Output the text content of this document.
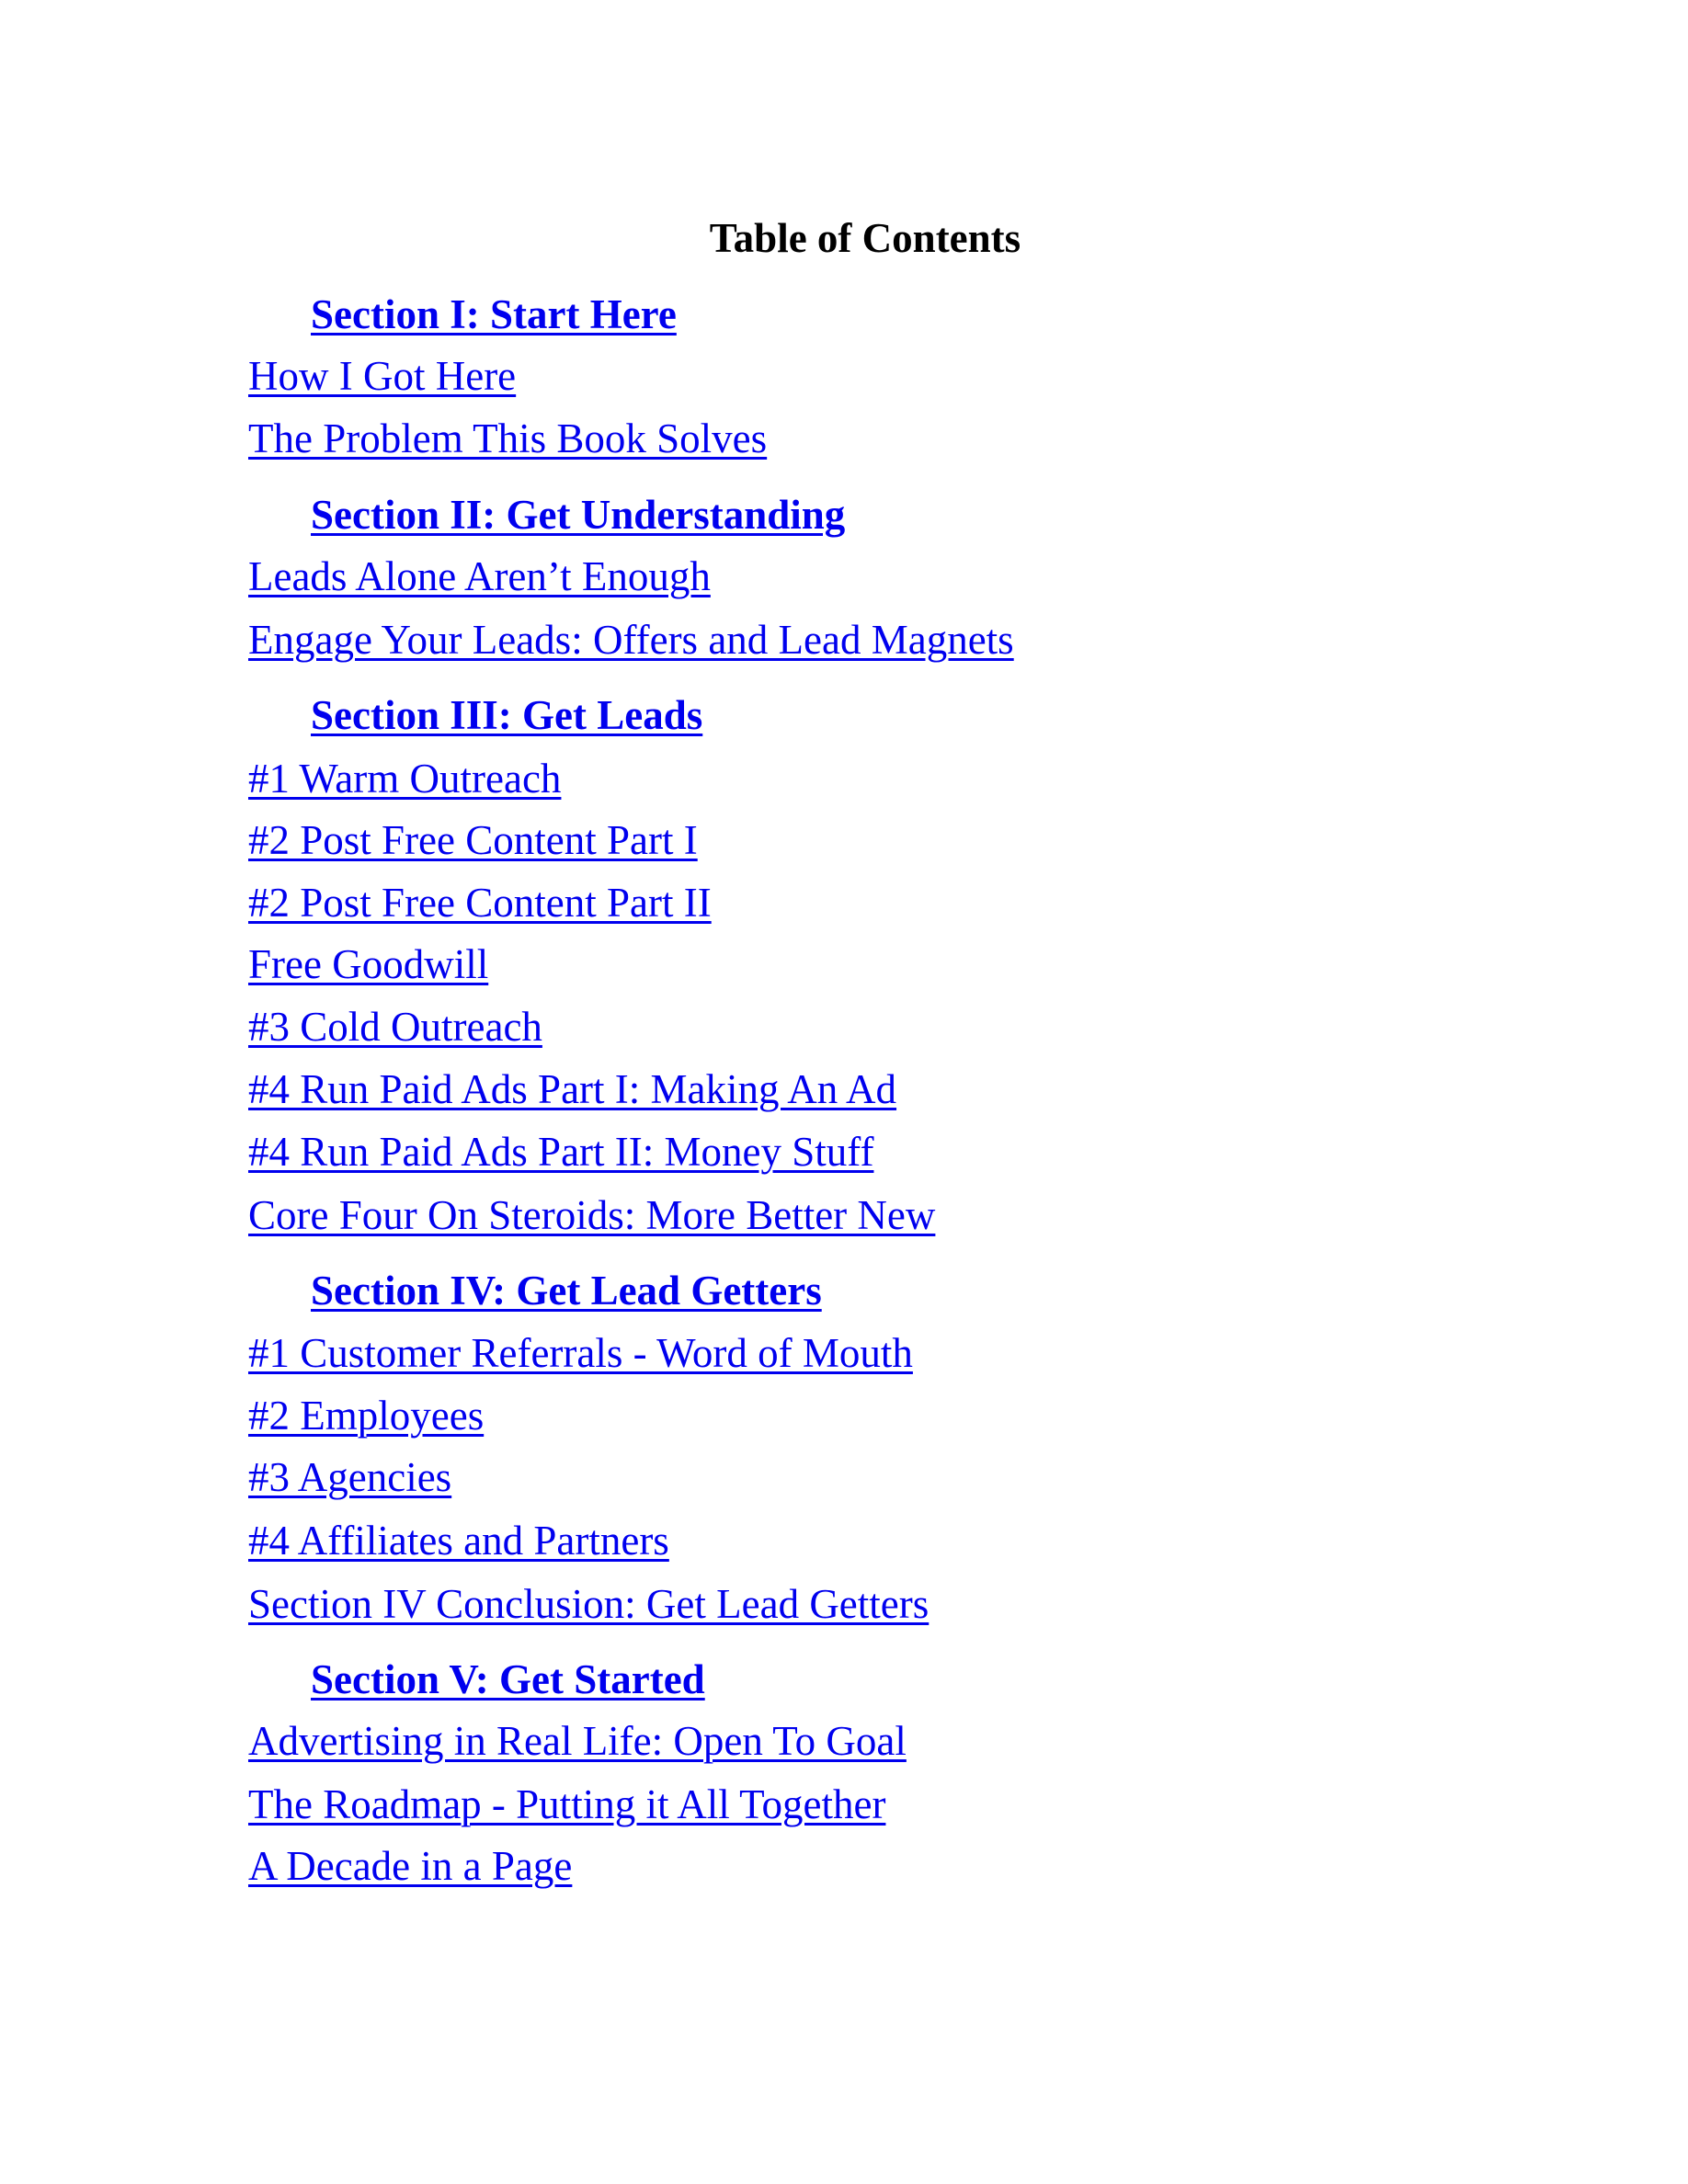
Table of Contents
Section I: Start Here
How I Got Here
The Problem This Book Solves
Section II: Get Understanding
Leads Alone Aren’t Enough
Engage Your Leads: Offers and Lead Magnets
Section III: Get Leads
#1 Warm Outreach
#2 Post Free Content Part I
#2 Post Free Content Part II
Free Goodwill
#3 Cold Outreach
#4 Run Paid Ads Part I: Making An Ad
#4 Run Paid Ads Part II: Money Stuff
Core Four On Steroids: More Better New
Section IV: Get Lead Getters
#1 Customer Referrals - Word of Mouth
#2 Employees
#3 Agencies
#4 Affiliates and Partners
Section IV Conclusion: Get Lead Getters
Section V: Get Started
Advertising in Real Life: Open To Goal
The Roadmap - Putting it All Together
A Decade in a Page
